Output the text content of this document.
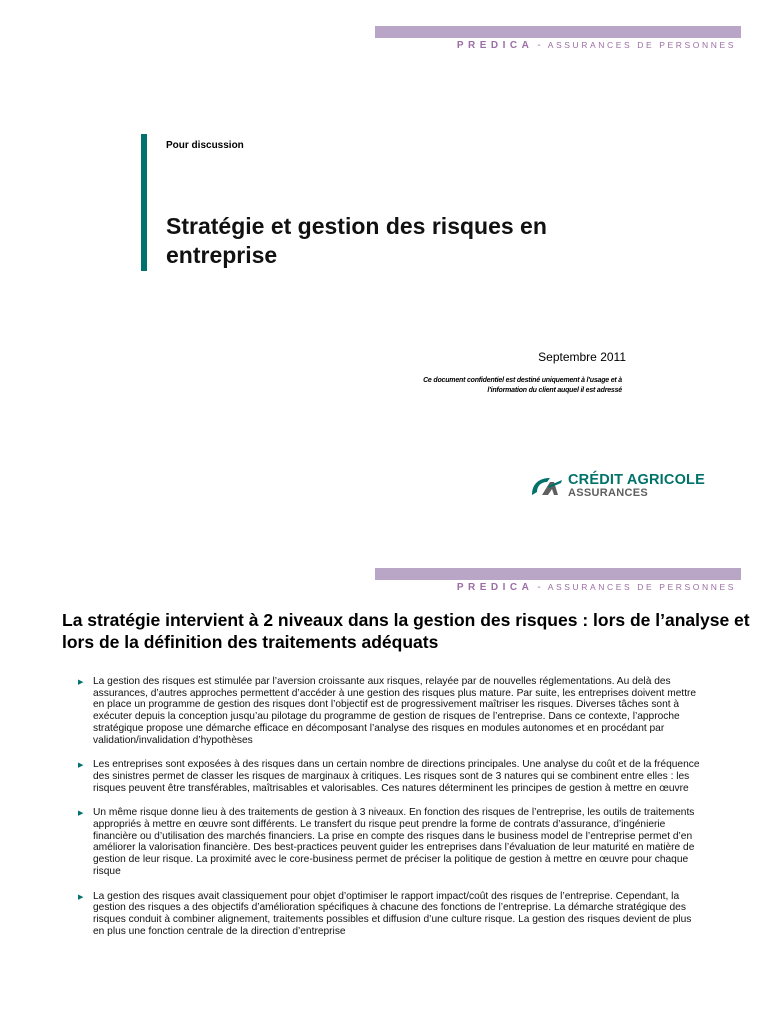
PREDICA - ASSURANCES DE PERSONNES
Pour discussion
Stratégie et gestion des risques en entreprise
Septembre 2011
Ce document confidentiel est destiné uniquement à l'usage et à l'information du client auquel il est adressé
CRÉDIT AGRICOLE
ASSURANCES
PREDICA - ASSURANCES DE PERSONNES
La stratégie intervient à 2 niveaux dans la gestion des risques : lors de l’analyse et lors de la définition des traitements adéquats
▶ La gestion des risques est stimulée par l’aversion croissante aux risques, relayée par de nouvelles réglementations. Au delà des assurances, d’autres approches permettent d’accéder à une gestion des risques plus mature. Par suite, les entreprises doivent mettre en place un programme de gestion des risques dont l’objectif est de progressivement maîtriser les risques. Diverses tâches sont à exécuter depuis la conception jusqu’au pilotage du programme de gestion de risques de l’entreprise. Dans ce contexte, l’approche stratégique propose une démarche efficace en décomposant l’analyse des risques en modules autonomes et en procédant par validation/invalidation d’hypothèses
▶ Les entreprises sont exposées à des risques dans un certain nombre de directions principales. Une analyse du coût et de la fréquence des sinistres permet de classer les risques de marginaux à critiques. Les risques sont de 3 natures qui se combinent entre elles : les risques peuvent être transférables, maîtrisables et valorisables. Ces natures déterminent les principes de gestion à mettre en œuvre
▶ Un même risque donne lieu à des traitements de gestion à 3 niveaux. En fonction des risques de l’entreprise, les outils de traitements appropriés à mettre en œuvre sont différents. Le transfert du risque peut prendre la forme de contrats d’assurance, d’ingénierie financière ou d’utilisation des marchés financiers. La prise en compte des risques dans le business model de l’entreprise permet d’en améliorer la valorisation financière. Des best-practices peuvent guider les entreprises dans l’évaluation de leur maturité en matière de gestion de leur risque. La proximité avec le core-business permet de préciser la politique de gestion à mettre en œuvre pour chaque risque
▶ La gestion des risques avait classiquement pour objet d’optimiser le rapport impact/coût des risques de l’entreprise. Cependant, la gestion des risques a des objectifs d’amélioration spécifiques à chacune des fonctions de l’entreprise. La démarche stratégique des risques conduit à combiner alignement, traitements possibles et diffusion d’une culture risque. La gestion des risques devient de plus en plus une fonction centrale de la direction d’entreprise
